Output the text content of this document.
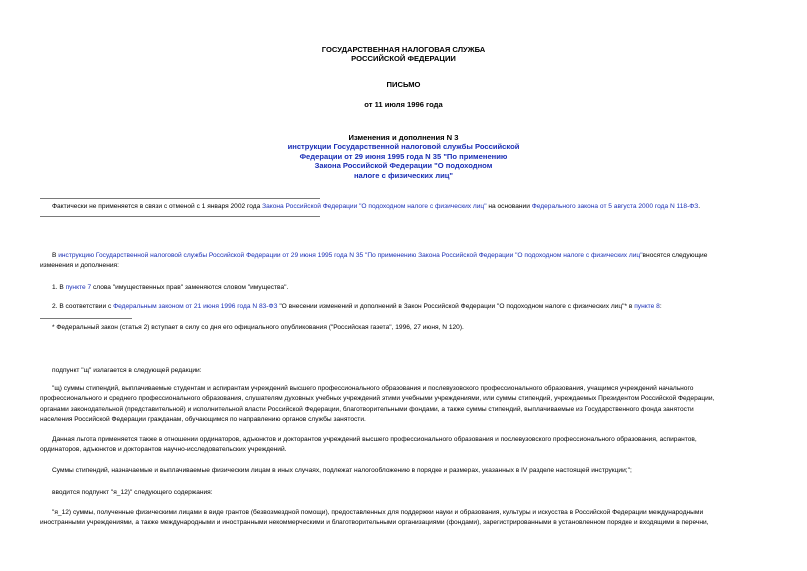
ГОСУДАРСТВЕННАЯ НАЛОГОВАЯ СЛУЖБА
РОССИЙСКОЙ ФЕДЕРАЦИИ
ПИСЬМО
от 11 июля 1996 года
Изменения и дополнения N 3
инструкции Государственной налоговой службы Российской
Федерации от 29 июня 1995 года N 35 "По применению
Закона Российской Федерации "О подоходном
налоге с физических лиц"
Фактически не применяется в связи с отменой с 1 января 2002 года Закона Российской Федерации "О подоходном налоге с физических лиц" на основании Федерального закона от 5 августа 2000 года N 118-ФЗ.
В инструкцию Государственной налоговой службы Российской Федерации от 29 июня 1995 года N 35 "По применению Закона Российской Федерации "О подоходном налоге с физических лиц"вносятся следующие
изменения и дополнения:
1. В пункте 7 слова "имущественных прав" заменяются словом "имущества".
2. В соответствии с Федеральным законом от 21 июня 1996 года N 83-ФЗ "О внесении изменений и дополнений в Закон Российской Федерации "О подоходном налоге с физических лиц"* в пункте 8:
* Федеральный закон (статья 2) вступает в силу со дня его официального опубликования ("Российская газета", 1996, 27 июня, N 120).
подпункт "щ" излагается в следующей редакции:
"щ) суммы стипендий, выплачиваемые студентам и аспирантам учреждений высшего профессионального образования и послевузовского профессионального образования, учащимся учреждений начального
профессионального и среднего профессионального образования, слушателям духовных учебных учреждений этими учебными учреждениями, или суммы стипендий, учреждаемых Президентом Российской Федерации,
органами законодательной (представительной) и исполнительной власти Российской Федерации, благотворительными фондами, а также суммы стипендий, выплачиваемые из Государственного фонда занятости
населения Российской Федерации гражданам, обучающимся по направлению органов службы занятости.
Данная льгота применяется также в отношении ординаторов, адъюнктов и докторантов учреждений высшего профессионального образования и послевузовского профессионального образования, аспирантов,
ординаторов, адъюнктов и докторантов научно-исследовательских учреждений.
Суммы стипендий, назначаемые и выплачиваемые физическим лицам в иных случаях, подлежат налогообложению в порядке и размерах, указанных в IV разделе настоящей инструкции;";
вводится подпункт "я_12)" следующего содержания:
"я_12) суммы, полученные физическими лицами в виде грантов (безвозмездной помощи), предоставленных для поддержки науки и образования, культуры и искусства в Российской Федерации международными
иностранными учреждениями, а также международными и иностранными некоммерческими и благотворительными организациями (фондами), зарегистрированными в установленном порядке и входящими в перечни,
